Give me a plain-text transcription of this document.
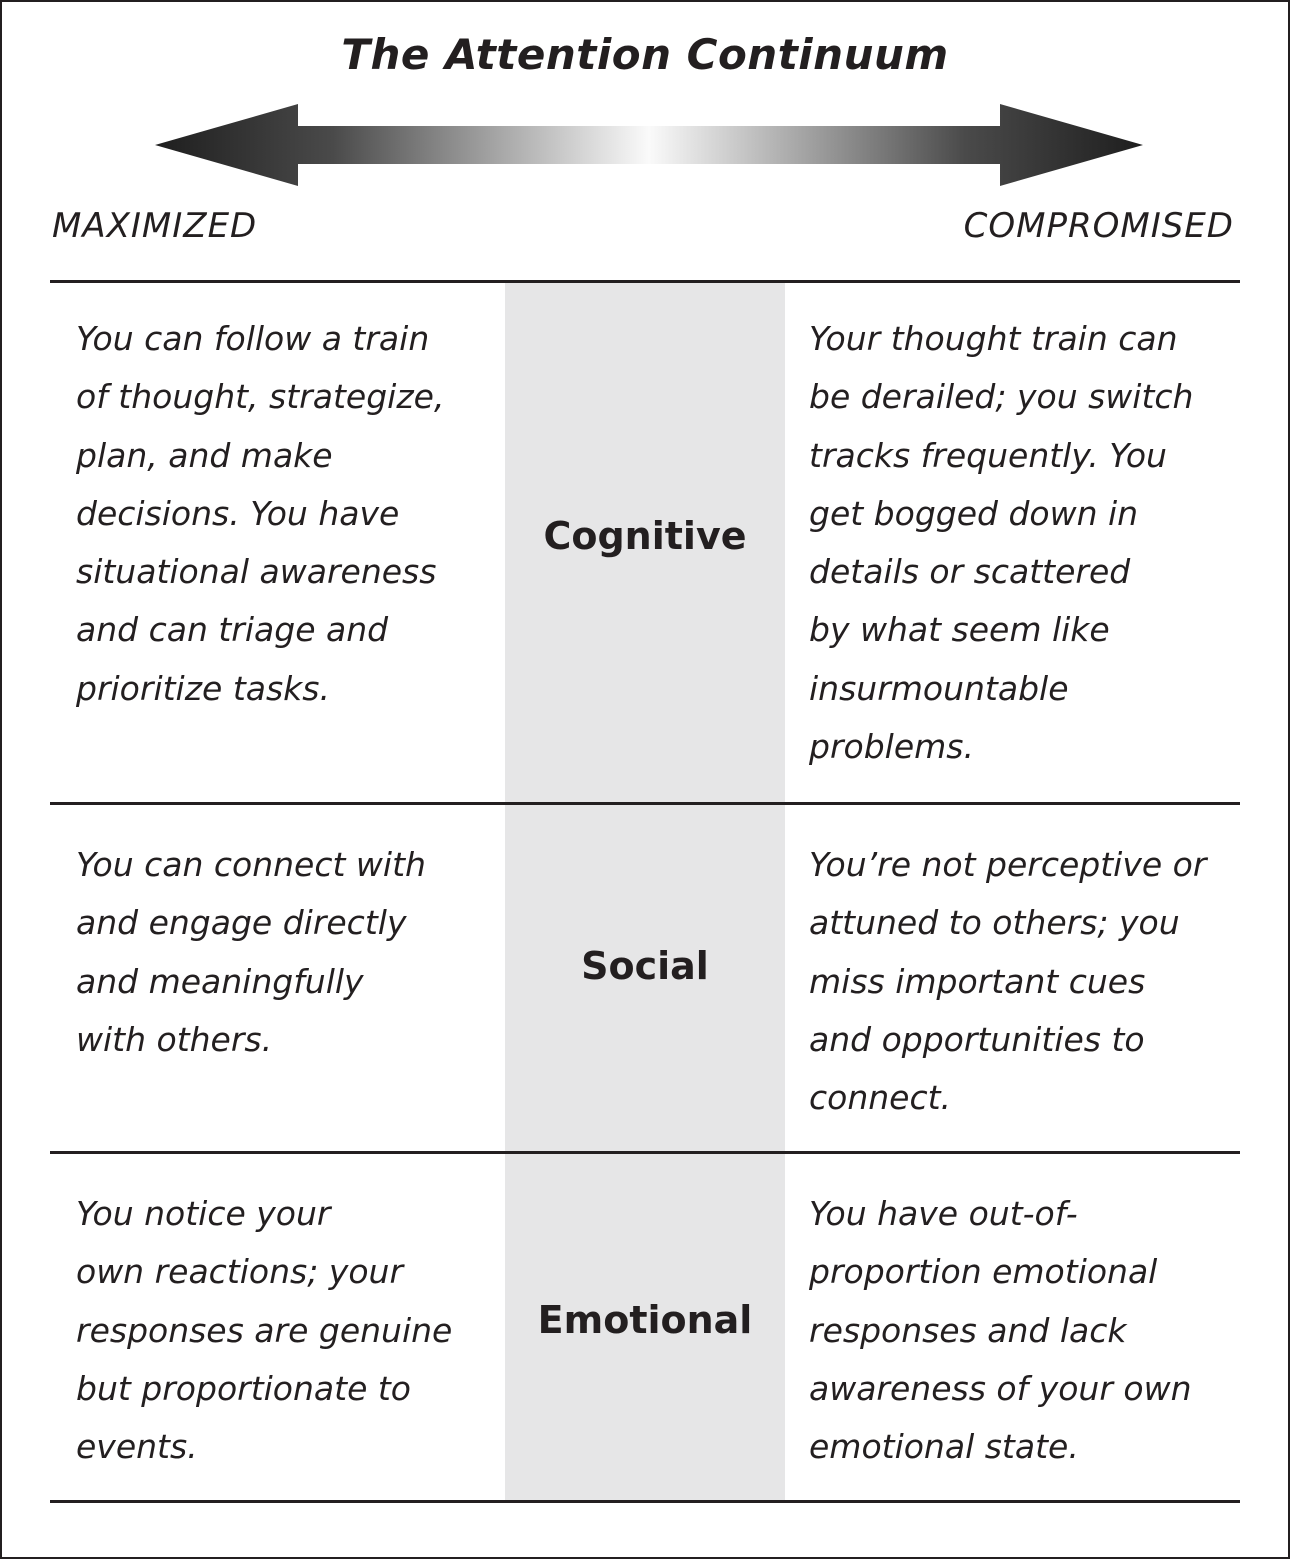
The Attention Continuum
MAXIMIZED	COMPROMISED
You can follow a train
of thought, strategize,
plan, and make
decisions. You have
situational awareness
and can triage and
prioritize tasks.
Cognitive
Your thought train can
be derailed; you switch
tracks frequently. You
get bogged down in
details or scattered
by what seem like
insurmountable
problems.
You can connect with
and engage directly
and meaningfully
with others.
Social
You’re not perceptive or
attuned to others; you
miss important cues
and opportunities to
connect.
You notice your
own reactions; your
responses are genuine
but proportionate to
events.
Emotional
You have out-of-
proportion emotional
responses and lack
awareness of your own
emotional state.
